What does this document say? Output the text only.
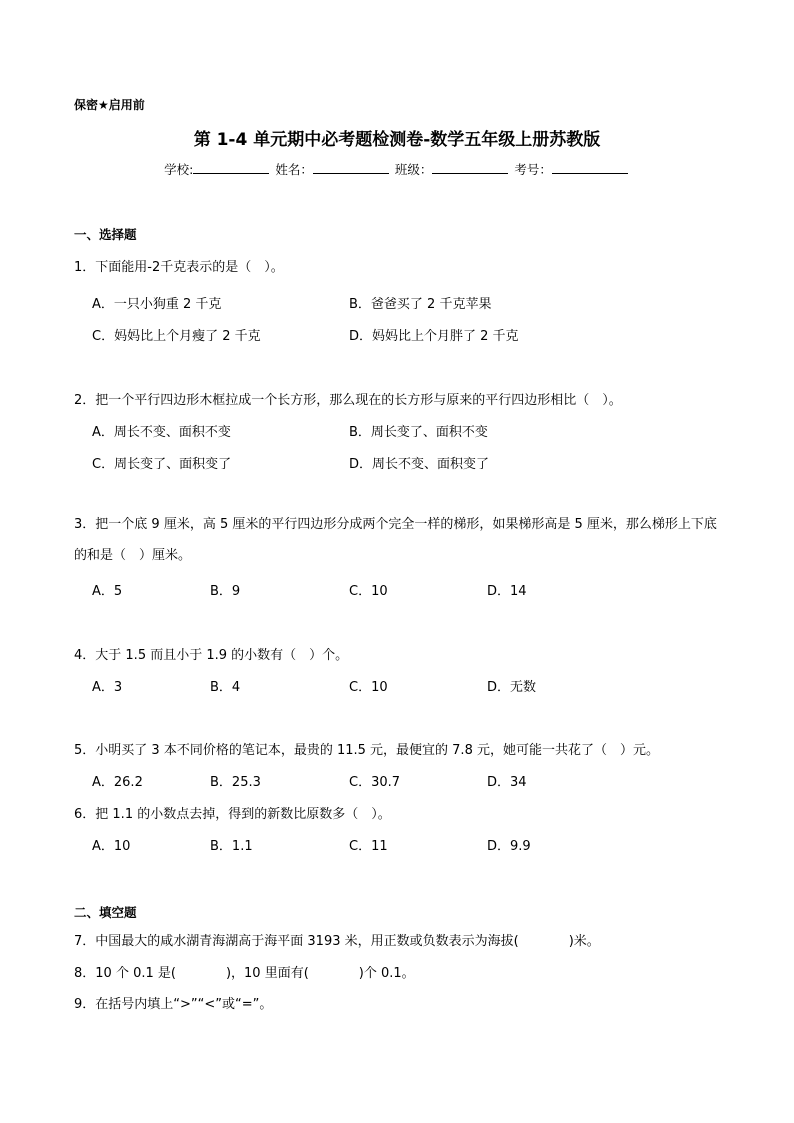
保密★启用前
第 1-4 单元期中必考题检测卷-数学五年级上册苏教版
学校:	姓名：	班级：	考号：
一、选择题
1．下面能用-2千克表示的是（　）。
A．一只小狗重 2 千克	B．爸爸买了 2 千克苹果
C．妈妈比上个月瘦了 2 千克	D．妈妈比上个月胖了 2 千克
2．把一个平行四边形木框拉成一个长方形，那么现在的长方形与原来的平行四边形相比（　）。
A．周长不变、面积不变	B．周长变了、面积不变
C．周长变了、面积变了	D．周长不变、面积变了
3．把一个底 9 厘米，高 5 厘米的平行四边形分成两个完全一样的梯形，如果梯形高是 5 厘米，那么梯形上下底的和是（　）厘米。
A．5	B．9	C．10	D．14
4．大于 1.5 而且小于 1.9 的小数有（　）个。
A．3	B．4	C．10	D．无数
5．小明买了 3 本不同价格的笔记本，最贵的 11.5 元，最便宜的 7.8 元，她可能一共花了（　）元。
A．26.2	B．25.3	C．30.7	D．34
6．把 1.1 的小数点去掉，得到的新数比原数多（　）。
A．10	B．1.1	C．11	D．9.9
二、填空题
7．中国最大的咸水湖青海湖高于海平面 3193 米，用正数或负数表示为海拔(	)米。
8．10 个 0.1 是(	)，10 里面有(	)个 0.1。
9．在括号内填上“>”“<”或“=”。
